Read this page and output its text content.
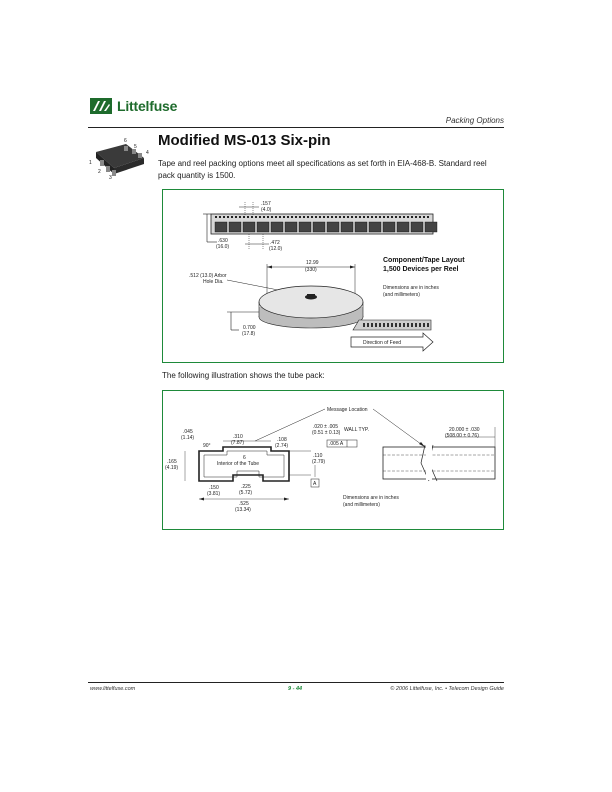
Littelfuse
Packing Options
1
2
3
4
5
6 Modified MS-013 Six-pin
Tape and reel packing options meet all specifications as set forth in EIA-468-B. Standard reel pack quantity is 1500.
.157
(4.0)
.630
(16.0)
.472
(12.0)
12.99
(330)
.512 (13.0) Arbor
Hole Dia.
0.700
(17.8)
Direction of Feed
Component/Tape Layout
1,500 Devices per Reel
Dimensions are in inches
(and millimeters)
The following illustration shows the tube pack:
Message Location
.020 ± .005
(0.51 ± 0.13) WALL TYP.
.005 A
.045
(1.14)
90°
.310
(7.87)	.108
(2.74)
6
Interior of the Tube
.110
(2.79)
A
.165
(4.19)
.150
(3.81)
.225
(5.72)
.525
(13.34)
20.000 ± .030
(508.00 ± 0.76)
Dimensions are in inches
(and millimeters)
www.littelfuse.com	9 - 44	© 2006 Littelfuse, Inc. • Telecom Design Guide
